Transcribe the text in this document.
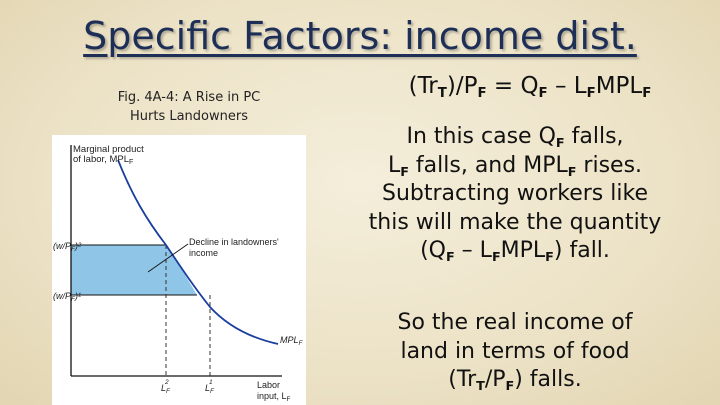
Specific Factors: income dist.
Fig. 4A-4: A Rise in PC
Hurts Landowners
Marginal product
of labor, $MPL_F$
$(w/P_F)^2$
$(w/P_F)^1$
Decline in landowners'
income
$MPL_F$
$L_F2$
$L_F1$	Labor
input, $L_F$
$(Tr_T)/P_F = Q_F - L_FMPL_F$
In this case $Q_F$ falls,
$L_F$ falls, and $MPL_F$ rises.
Subtracting workers like
this will make the quantity
$(Q_F - L_FMPL_F)$ fall.
So the real income of
land in terms of food
$(Tr_T/P_F)$ falls.
